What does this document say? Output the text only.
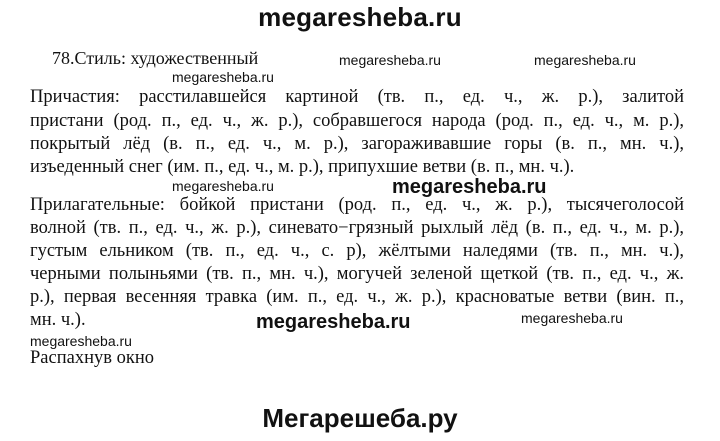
megaresheba.ru
78.Стиль: художественный	megaresheba.ru	megaresheba.ru
megaresheba.ru
Причастия: расстилавшейся картиной (тв. п., ед. ч., ж. р.), залитой
пристани (род. п., ед. ч., ж. р.), собравшегося народа (род. п., ед. ч., м. р.),
покрытый лёд (в. п., ед. ч., м. р.), загораживавшие горы (в. п., мн. ч.),
изъеденный снег (им. п., ед. ч., м. р.), припухшие ветви (в. п., мн. ч.).
megaresheba.ru	megaresheba.ru
Прилагательные: бойкой пристани (род. п., ед. ч., ж. р.), тысячеголосой
волной (тв. п., ед. ч., ж. р.), синевато−грязный рыхлый лёд (в. п., ед. ч., м. р.),
густым ельником (тв. п., ед. ч., с. р), жёлтыми наледями (тв. п., мн. ч.),
черными полыньями (тв. п., мн. ч.), могучей зеленой щеткой (тв. п., ед. ч., ж.
р.), первая весенняя травка (им. п., ед. ч., ж. р.), красноватые ветви (вин. п.,
мн. ч.).	megaresheba.ru	megaresheba.ru
megaresheba.ru
Распахнув окно
Мегарешеба.ру
